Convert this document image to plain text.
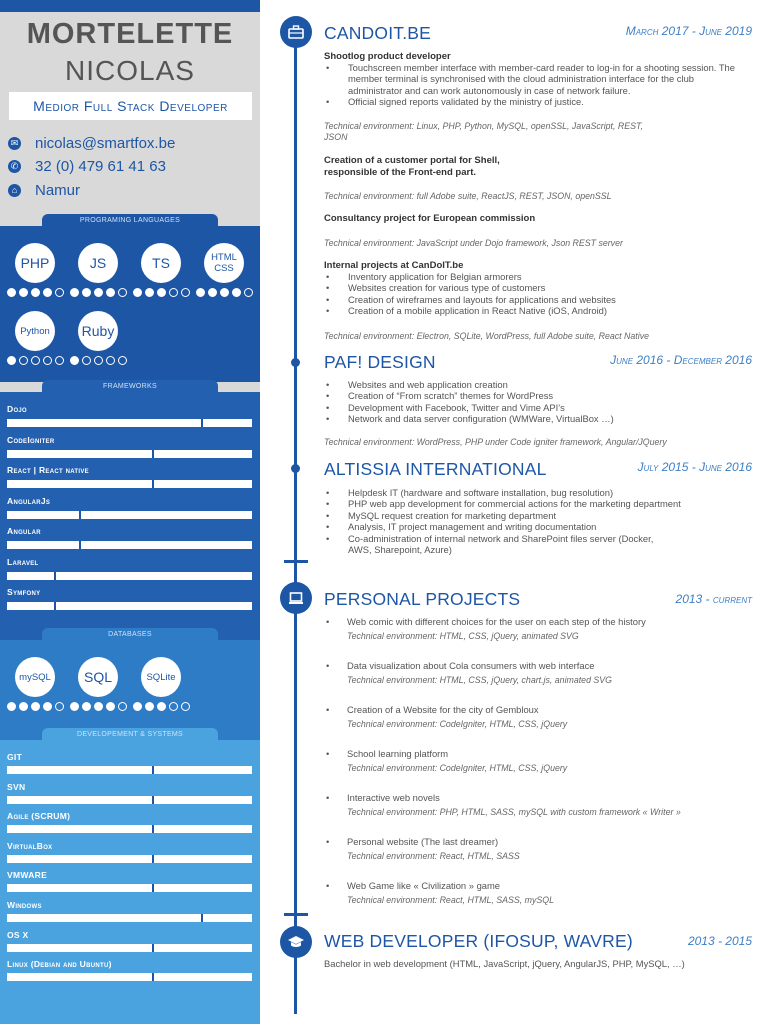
MORTELETTE
NICOLAS
Medior Full Stack Developer
✉ nicolas@smartfox.be
✆ 32 (0) 479 61 41 63
⌂ Namur
PROGRAMING LANGUAGES
FRAMEWORKS
DATABASES
DEVELOPEMENT & SYSTEMS
PHP	JS	TS	HTML CSS
Python	Ruby
Dojo
CodeIgniter
React | React native
AngularJs
Angular
Laravel
Symfony
mySQL	SQL	SQLite
GIT
SVN
Agile (SCRUM)
VirtualBox
VMWARE
Windows
OS X
Linux (Debian and Ubuntu)
CANDOIT.BE	March 2017 - June 2019
Shootlog product developer
• Touchscreen member interface with member-card reader to log-in for a shooting session. The member terminal is synchronised with the cloud administration interface for the club administrator and can work autonomously in case of network failure.
• Official signed reports validated by the ministry of justice.
Technical environment: Linux, PHP, Python, MySQL, openSSL, JavaScript, REST, JSON
Creation of a customer portal for Shell, responsible of the Front-end part.
Technical environment: full Adobe suite, ReactJS, REST, JSON, openSSL
Consultancy project for European commission
Technical environment: JavaScript under Dojo framework, Json REST server
Internal projects at CanDoIT.be
• Inventory application for Belgian armorers
• Websites creation for various type of customers
• Creation of wireframes and layouts for applications and websites
• Creation of a mobile application in React Native (iOS, Android)
Technical environment: Electron, SQLite, WordPress, full Adobe suite, React Native
PAF! DESIGN	June 2016 - December 2016
• Websites and web application creation
• Creation of “From scratch” themes for WordPress
• Development with Facebook, Twitter and Vime API’s
• Network and data server configuration (WMWare, VirtualBox …)
Technical environment: WordPress, PHP under Code igniter framework, Angular/JQuery
ALTISSIA INTERNATIONAL	July 2015 - June 2016
• Helpdesk IT (hardware and software installation, bug resolution)
• PHP web app development for commercial actions for the marketing department
• MySQL request creation for marketing department
• Analysis, IT project management and writing documentation
• Co-administration of internal network and SharePoint files server (Docker, AWS, Sharepoint, Azure)
PERSONAL PROJECTS	2013 - current
• Web comic with different choices for the user on each step of the history
Technical environment: HTML, CSS, jQuery, animated SVG
• Data visualization about Cola consumers with web interface
Technical environment: HTML, CSS, jQuery, chart.js, animated SVG
• Creation of a Website for the city of Gembloux
Technical environment: CodeIgniter, HTML, CSS, jQuery
• School learning platform
Technical environment: CodeIgniter, HTML, CSS, jQuery
• Interactive web novels
Technical environment: PHP, HTML, SASS, mySQL with custom framework « Writer »
• Personal website (The last dreamer)
Technical environment: React, HTML, SASS
• Web Game like « Civilization » game
Technical environment: React, HTML, SASS, mySQL
WEB DEVELOPER (IFOSUP, WAVRE)	2013 - 2015
Bachelor in web development (HTML, JavaScript, jQuery, AngularJS, PHP, MySQL, …)
